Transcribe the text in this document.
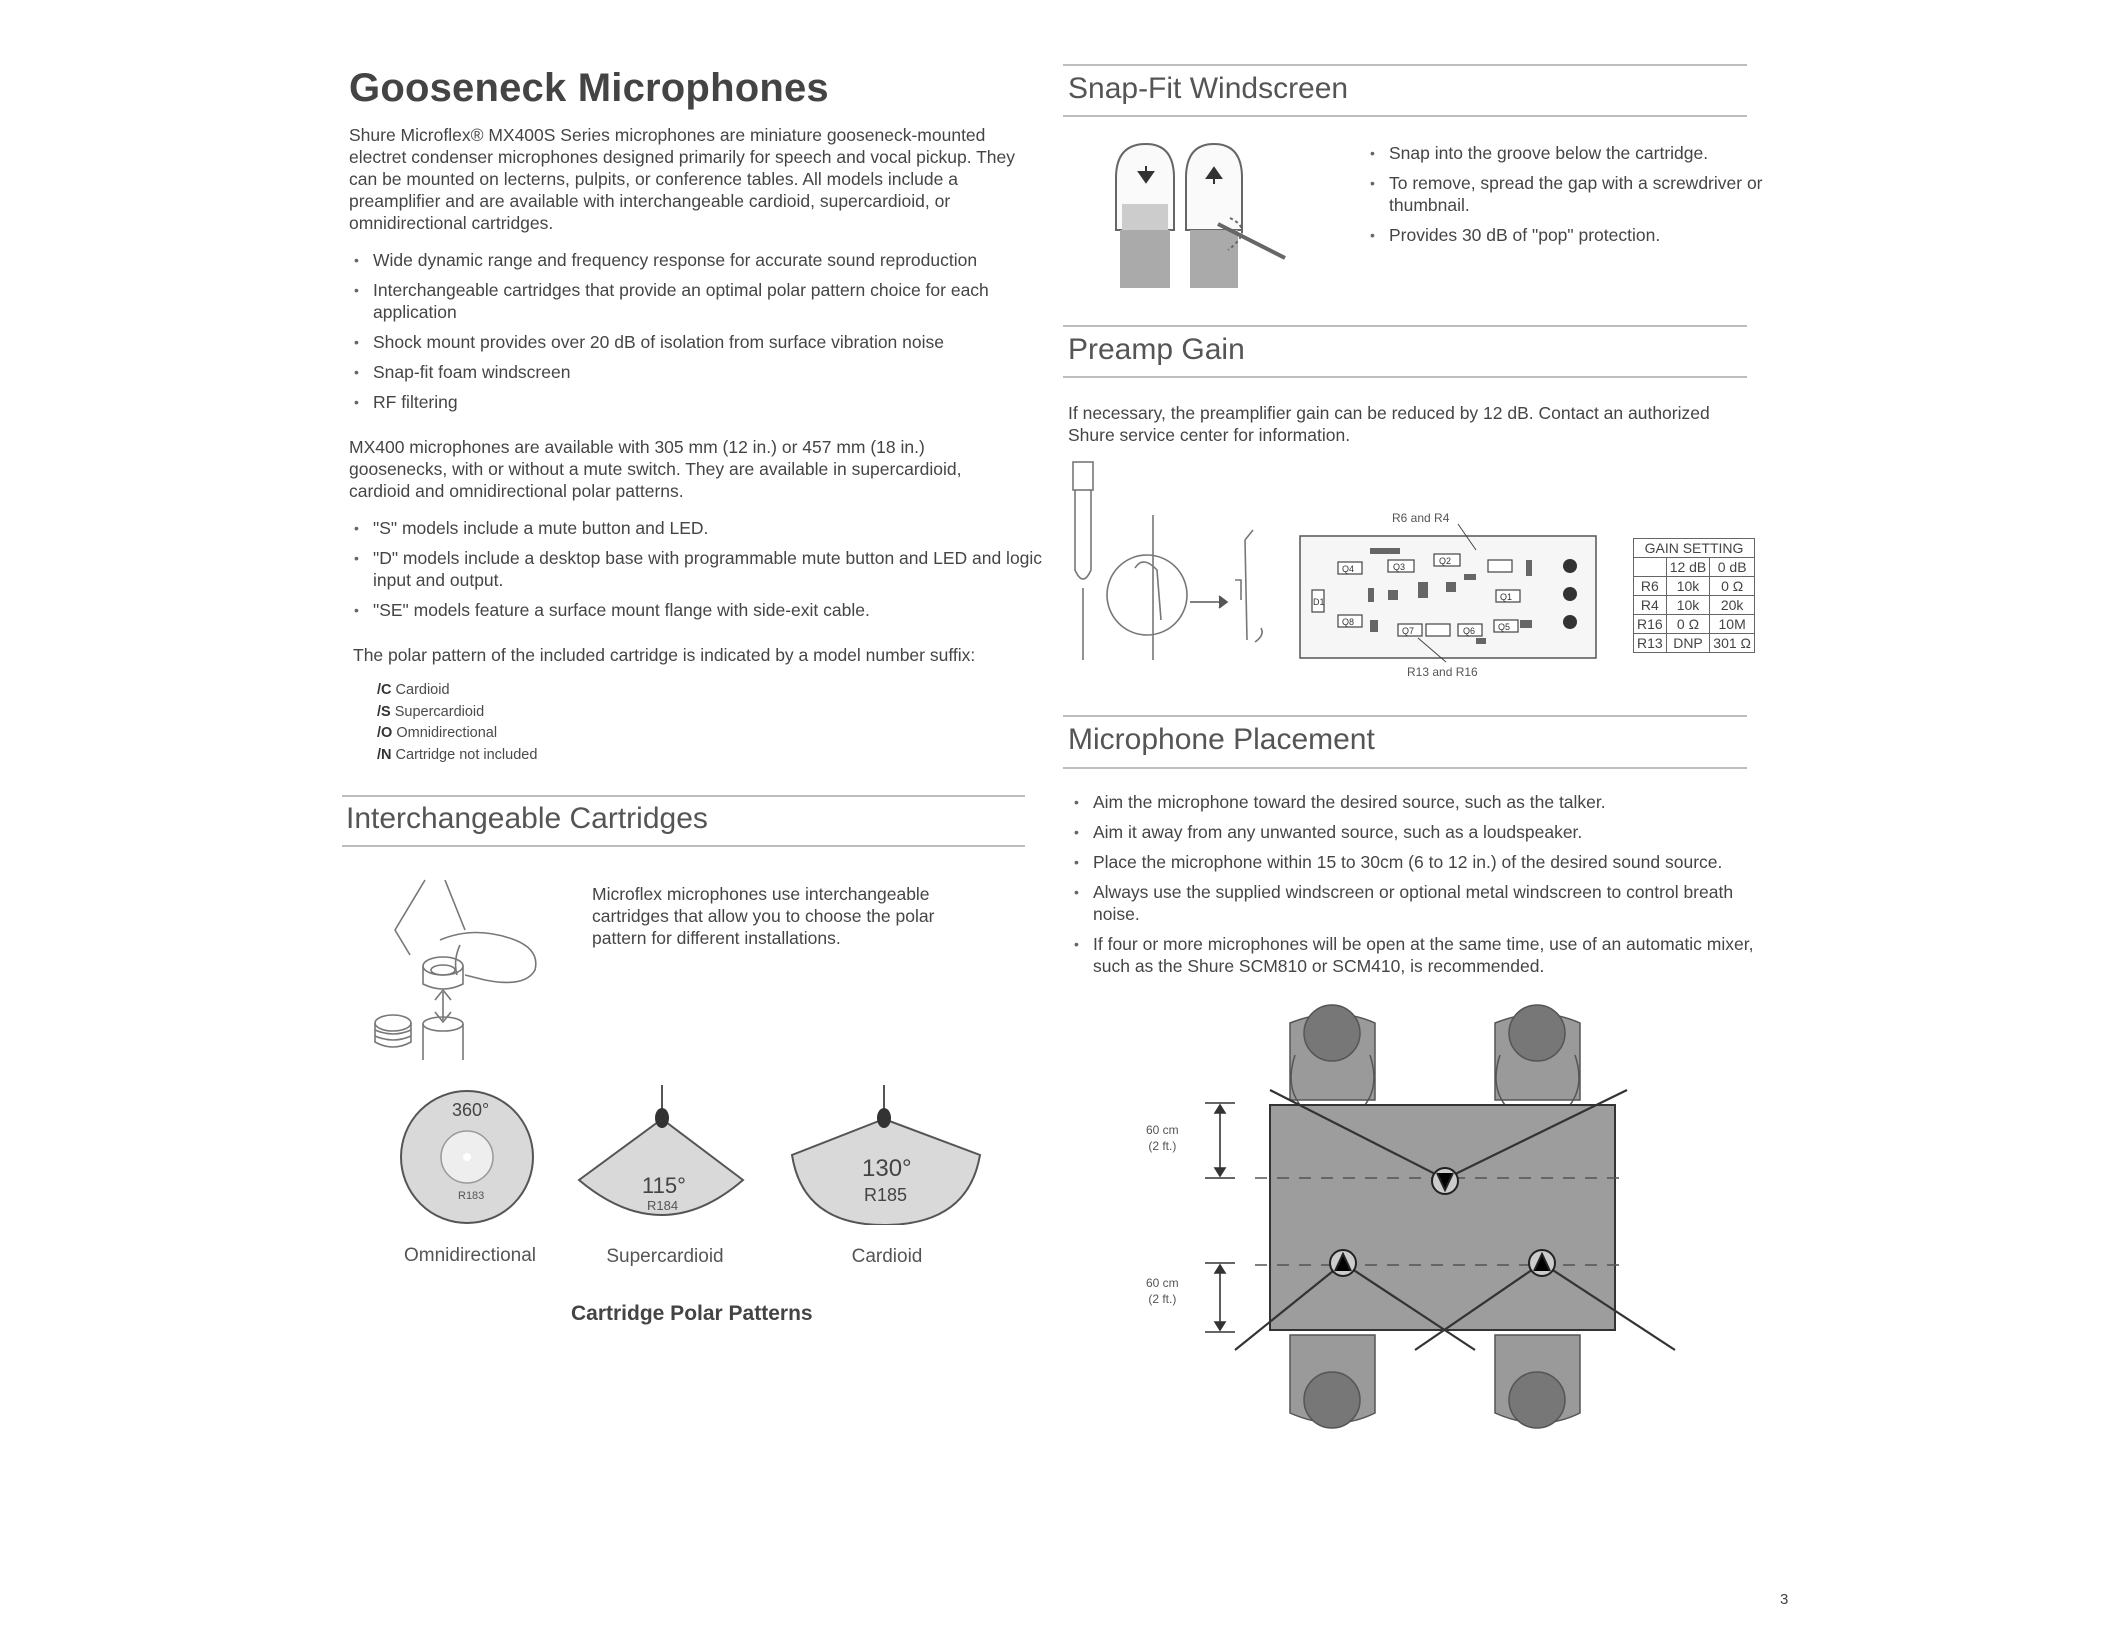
Gooseneck Microphones
Shure Microflex® MX400S Series microphones are miniature gooseneck-mounted electret condenser microphones designed primarily for speech and vocal pickup. They can be mounted on lecterns, pulpits, or conference tables. All models include a preamplifier and are available with interchangeable cardioid, supercardioid, or omnidirectional cartridges.
• Wide dynamic range and frequency response for accurate sound reproduction
• Interchangeable cartridges that provide an optimal polar pattern choice for each application
• Shock mount provides over 20 dB of isolation from surface vibration noise
• Snap-fit foam windscreen
• RF filtering
MX400 microphones are available with 305 mm (12 in.) or 457 mm (18 in.) goosenecks, with or without a mute switch. They are available in supercardioid, cardioid and omnidirectional polar patterns.
• "S" models include a mute button and LED.
• "D" models include a desktop base with programmable mute button and LED and logic input and output.
• "SE" models feature a surface mount flange with side-exit cable.
The polar pattern of the included cartridge is indicated by a model number suffix:
/C Cardioid
/S Supercardioid
/O Omnidirectional
/N Cartridge not included
Interchangeable Cartridges
Microflex microphones use interchangeable cartridges that allow you to choose the polar pattern for different installations.
360°
R183	115°
R184
130°
R185
Omnidirectional	Supercardioid	Cardioid
Cartridge Polar Patterns
Snap-Fit Windscreen
• Snap into the groove below the cartridge.
• To remove, spread the gap with a screwdriver or thumbnail.
• Provides 30 dB of "pop" protection.
Preamp Gain
If necessary, the preamplifier gain can be reduced by 12 dB. Contact an authorized Shure service center for information.
R6 and R4
R13 and R16
Q4	Q3
Q2
Q1
Q5
Q6
Q7
Q8
D1
GAIN SETTING		
	12 dB	0 dB
R6	10k	0 Ω
R4	10k	20k
R16	0 Ω	10M
R13	DNP	301 Ω
Microphone Placement
• Aim the microphone toward the desired source, such as the talker.
• Aim it away from any unwanted source, such as a loudspeaker.
• Place the microphone within 15 to 30cm (6 to 12 in.) of the desired sound source.
• Always use the supplied windscreen or optional metal windscreen to control breath noise.
• If four or more microphones will be open at the same time, use of an automatic mixer, such as the Shure SCM810 or SCM410, is recommended.
60 cm
(2 ft.)
60 cm
(2 ft.)
3
